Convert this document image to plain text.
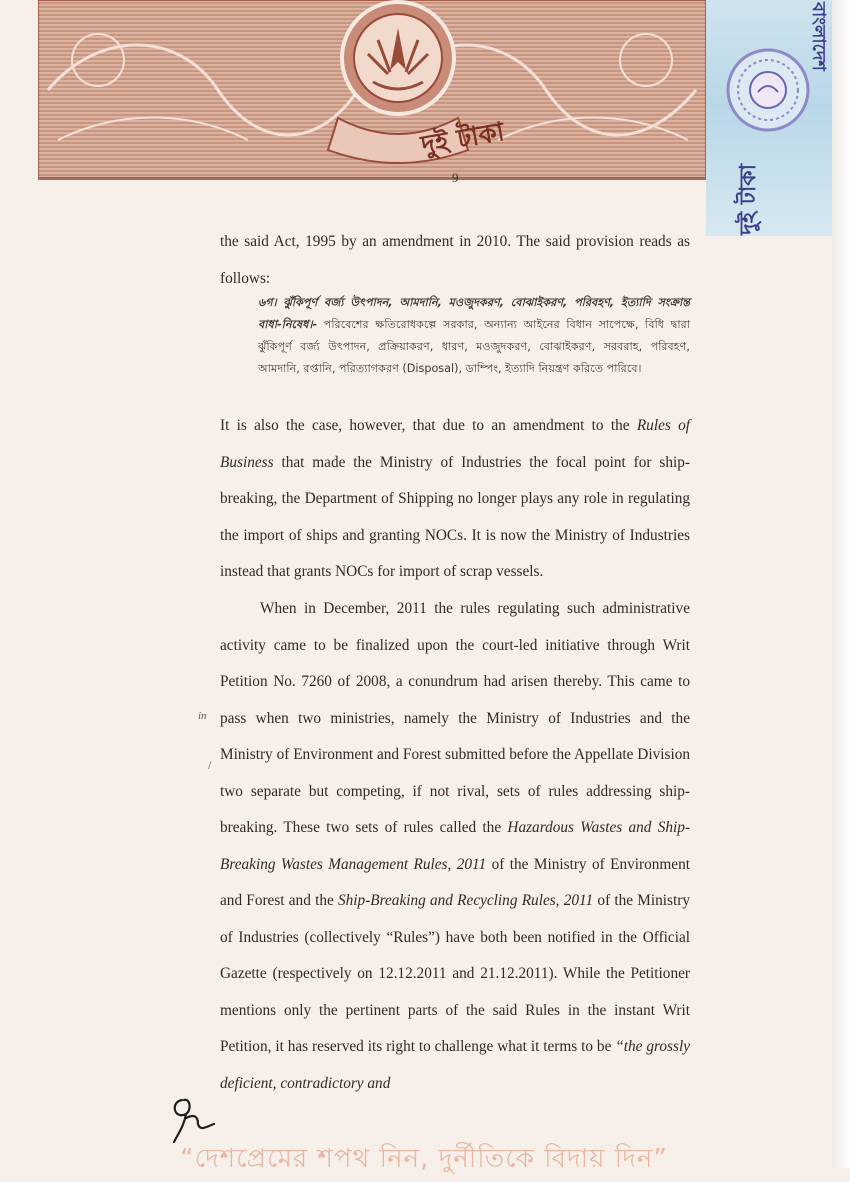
দুই টাকা
বাংলাদেশ
দুই টাকা
9
the said Act, 1995 by an amendment in 2010. The said provision reads as follows:
৬গ। ঝুঁকিপূর্ণ বর্জ্য উৎপাদন, আমদানি, মওজুদকরণ, বোঝাইকরণ, পরিবহণ, ইত্যাদি সংক্রান্ত বাধা-নিষেধ।- পরিবেশের ক্ষতিরোধকল্পে সরকার, অন্যান্য আইনের বিধান সাপেক্ষে, বিধি দ্বারা ঝুঁকিপূর্ণ বর্জ্য উৎপাদন, প্রক্রিয়াকরণ, ধারণ, মওজুদকরণ, বোঝাইকরণ, সরবরাহ, পরিবহণ, আমদানি, রপ্তানি, পরিত্যাগকরণ (Disposal), ডাম্পিং, ইত্যাদি নিয়ন্ত্রণ করিতে পারিবে।
It is also the case, however, that due to an amendment to the Rules of Business that made the Ministry of Industries the focal point for ship-breaking, the Department of Shipping no longer plays any role in regulating the import of ships and granting NOCs. It is now the Ministry of Industries instead that grants NOCs for import of scrap vessels.
When in December, 2011 the rules regulating such administrative activity came to be finalized upon the court-led initiative through Writ Petition No. 7260 of 2008, a conundrum had arisen thereby. This came to pass when two ministries, namely the Ministry of Industries and the Ministry of Environment and Forest submitted before the Appellate Division two separate but competing, if not rival, sets of rules addressing ship-breaking. These two sets of rules called the Hazardous Wastes and Ship-Breaking Wastes Management Rules, 2011 of the Ministry of Environment and Forest and the Ship-Breaking and Recycling Rules, 2011 of the Ministry of Industries (collectively “Rules”) have both been notified in the Official Gazette (respectively on 12.12.2011 and 21.12.2011). While the Petitioner mentions only the pertinent parts of the said Rules in the instant Writ Petition, it has reserved its right to challenge what it terms to be “the grossly deficient, contradictory and
in
/
“দেশপ্রেমের শপথ নিন, দুর্নীতিকে বিদায় দিন”
